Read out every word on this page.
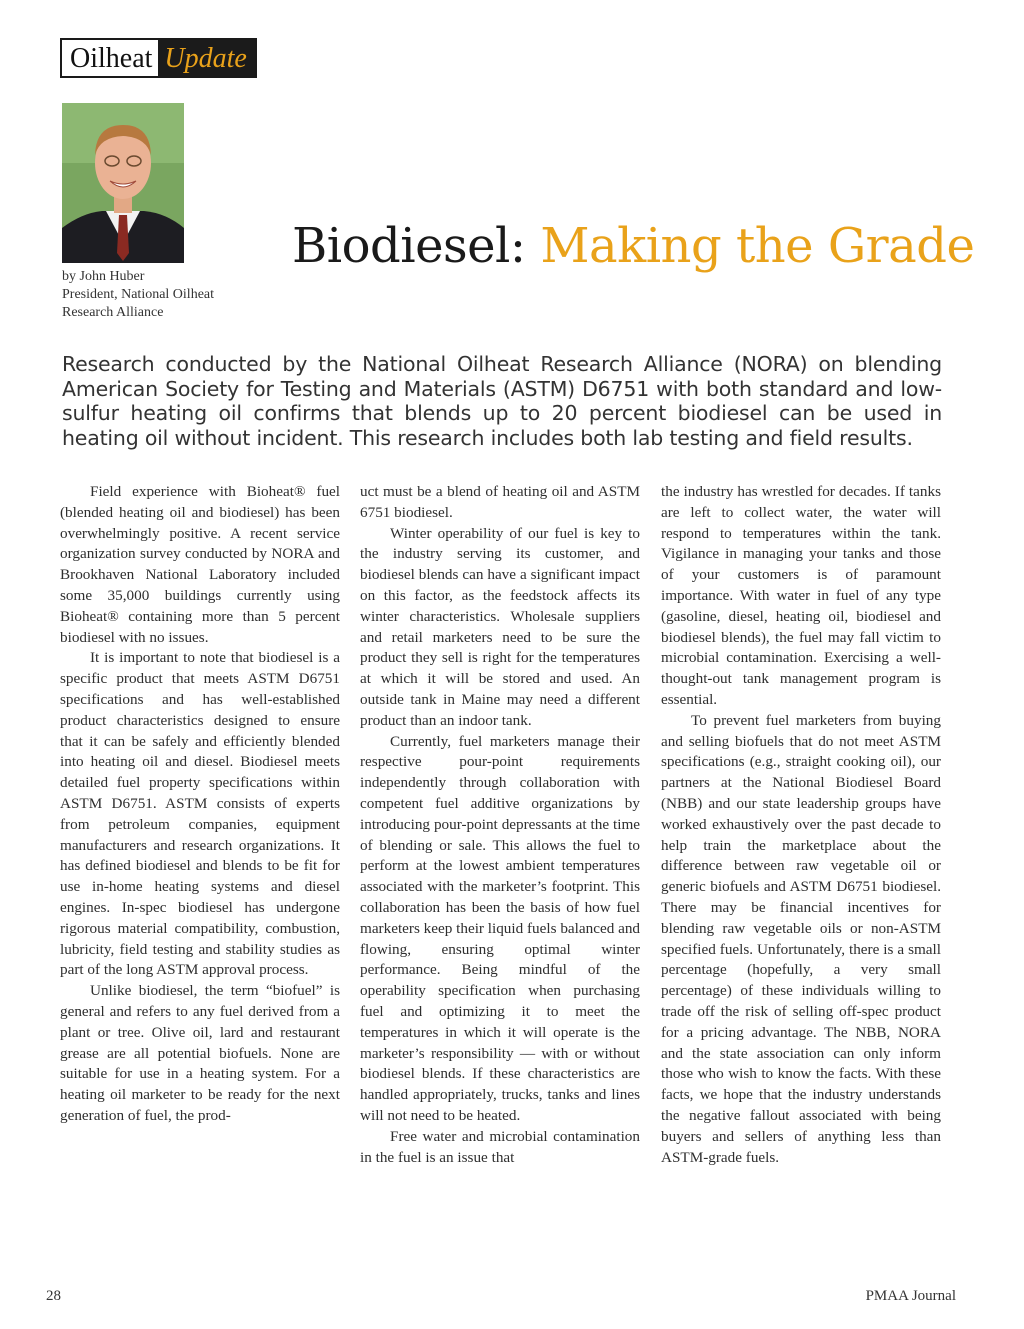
Oilheat Update
by John Huber
President, National Oilheat
Research Alliance
Biodiesel: Making the Grade
Research conducted by the National Oilheat Research Alliance (NORA) on blending American Society for Testing and Materials (ASTM) D6751 with both standard and low-sulfur heating oil confirms that blends up to 20 percent biodiesel can be used in heating oil without incident. This research includes both lab testing and field results.

Field experience with Bioheat® fuel (blended heating oil and biodiesel) has been overwhelmingly positive. A recent service organization survey conducted by NORA and Brookhaven National Laboratory included some 35,000 buildings currently using Bioheat® containing more than 5 percent biodiesel with no issues.

It is important to note that biodiesel is a specific product that meets ASTM D6751 specifications and has well-established product characteristics designed to ensure that it can be safely and efficiently blended into heating oil and diesel. Biodiesel meets detailed fuel property specifications within ASTM D6751. ASTM consists of experts from petroleum companies, equipment manufacturers and research organizations. It has defined biodiesel and blends to be fit for use in-home heating systems and diesel engines. In-spec biodiesel has undergone rigorous material compatibility, combustion, lubricity, field testing and stability studies as part of the long ASTM approval process.

Unlike biodiesel, the term “biofuel” is general and refers to any fuel derived from a plant or tree. Olive oil, lard and restaurant grease are all potential biofuels. None are suitable for use in a heating system. For a heating oil marketer to be ready for the next generation of fuel, the prod-

uct must be a blend of heating oil and ASTM 6751 biodiesel.

Winter operability of our fuel is key to the industry serving its customer, and biodiesel blends can have a significant impact on this factor, as the feedstock affects its winter characteristics. Wholesale suppliers and retail marketers need to be sure the product they sell is right for the temperatures at which it will be stored and used. An outside tank in Maine may need a different product than an indoor tank.

Currently, fuel marketers manage their respective pour-point requirements independently through collaboration with competent fuel additive organizations by introducing pour-point depressants at the time of blending or sale. This allows the fuel to perform at the lowest ambient temperatures associated with the marketer’s footprint. This collaboration has been the basis of how fuel marketers keep their liquid fuels balanced and flowing, ensuring optimal winter performance. Being mindful of the operability specification when purchasing fuel and optimizing it to meet the temperatures in which it will operate is the marketer’s responsibility — with or without biodiesel blends. If these characteristics are handled appropriately, trucks, tanks and lines will not need to be heated.

Free water and microbial contamination in the fuel is an issue that

the industry has wrestled for decades. If tanks are left to collect water, the water will respond to temperatures within the tank. Vigilance in managing your tanks and those of your customers is of paramount importance. With water in fuel of any type (gasoline, diesel, heating oil, biodiesel and biodiesel blends), the fuel may fall victim to microbial contamination. Exercising a well-thought-out tank management program is essential.

To prevent fuel marketers from buying and selling biofuels that do not meet ASTM specifications (e.g., straight cooking oil), our partners at the National Biodiesel Board (NBB) and our state leadership groups have worked exhaustively over the past decade to help train the marketplace about the difference between raw vegetable oil or generic biofuels and ASTM D6751 biodiesel. There may be financial incentives for blending raw vegetable oils or non-ASTM specified fuels. Unfortunately, there is a small percentage (hopefully, a very small percentage) of these individuals willing to trade off the risk of selling off-spec product for a pricing advantage. The NBB, NORA and the state association can only inform those who wish to know the facts. With these facts, we hope that the industry understands the negative fallout associated with being buyers and sellers of anything less than ASTM-grade fuels.

28	PMAA Journal
